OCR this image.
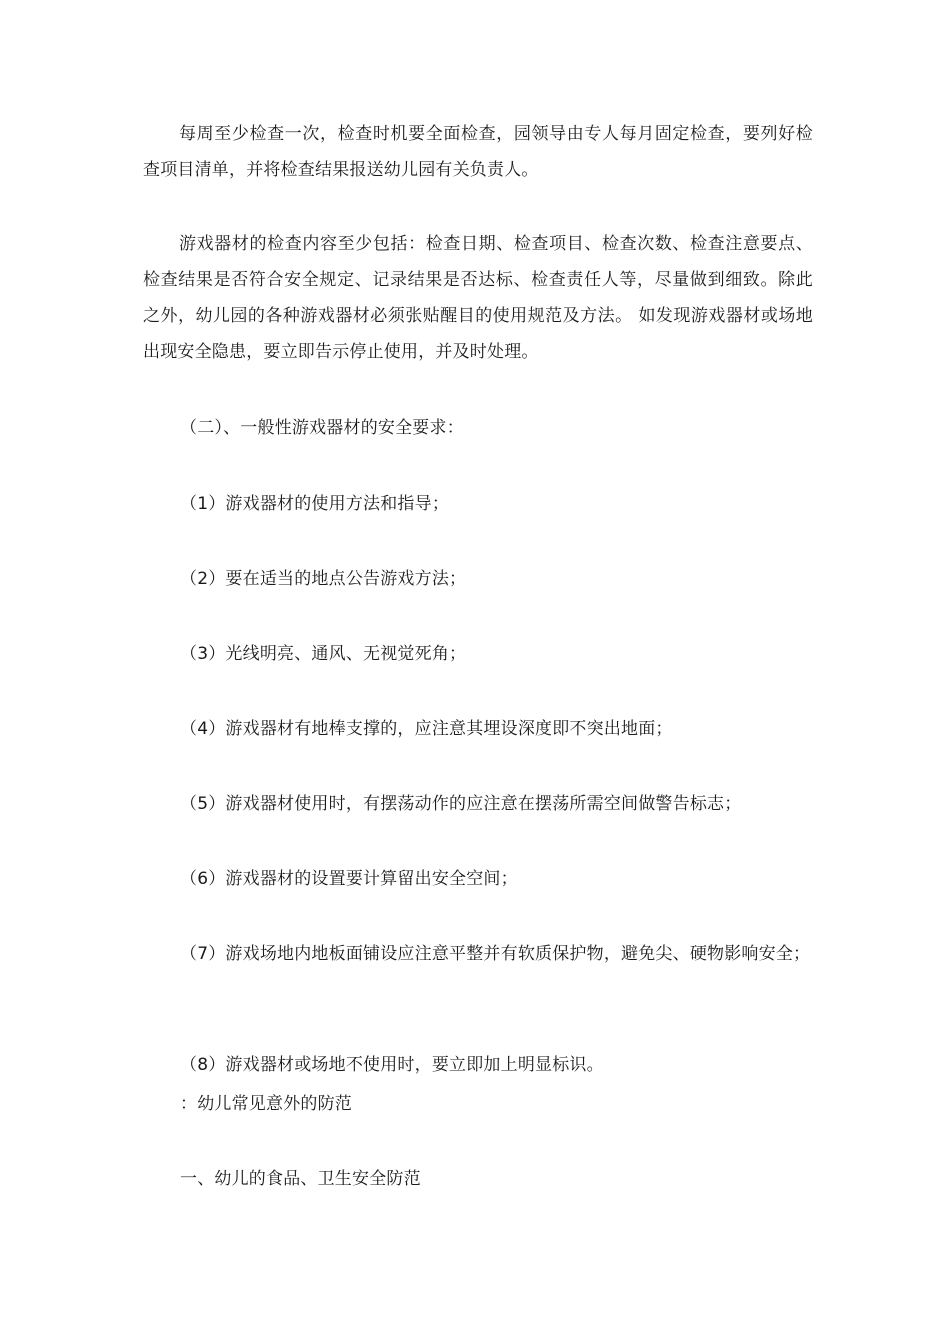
每周至少检查一次，检查时机要全面检查，园领导由专人每月固定检查，要列好检查项目清单，并将检查结果报送幼儿园有关负责人。

游戏器材的检查内容至少包括：检查日期、检查项目、检查次数、检查注意要点、检查结果是否符合安全规定、记录结果是否达标、检查责任人等，尽量做到细致。除此之外，幼儿园的各种游戏器材必须张贴醒目的使用规范及方法。 如发现游戏器材或场地出现安全隐患，要立即告示停止使用，并及时处理。

（二）、一般性游戏器材的安全要求：

（1）游戏器材的使用方法和指导；

（2）要在适当的地点公告游戏方法；

（3）光线明亮、通风、无视觉死角；

（4）游戏器材有地棒支撑的，应注意其埋设深度即不突出地面；

（5）游戏器材使用时，有摆荡动作的应注意在摆荡所需空间做警告标志；

（6）游戏器材的设置要计算留出安全空间；

（7）游戏场地内地板面铺设应注意平整并有软质保护物，避免尖、硬物影响安全；

（8）游戏器材或场地不使用时，要立即加上明显标识。

：幼儿常见意外的防范

一、幼儿的食品、卫生安全防范
